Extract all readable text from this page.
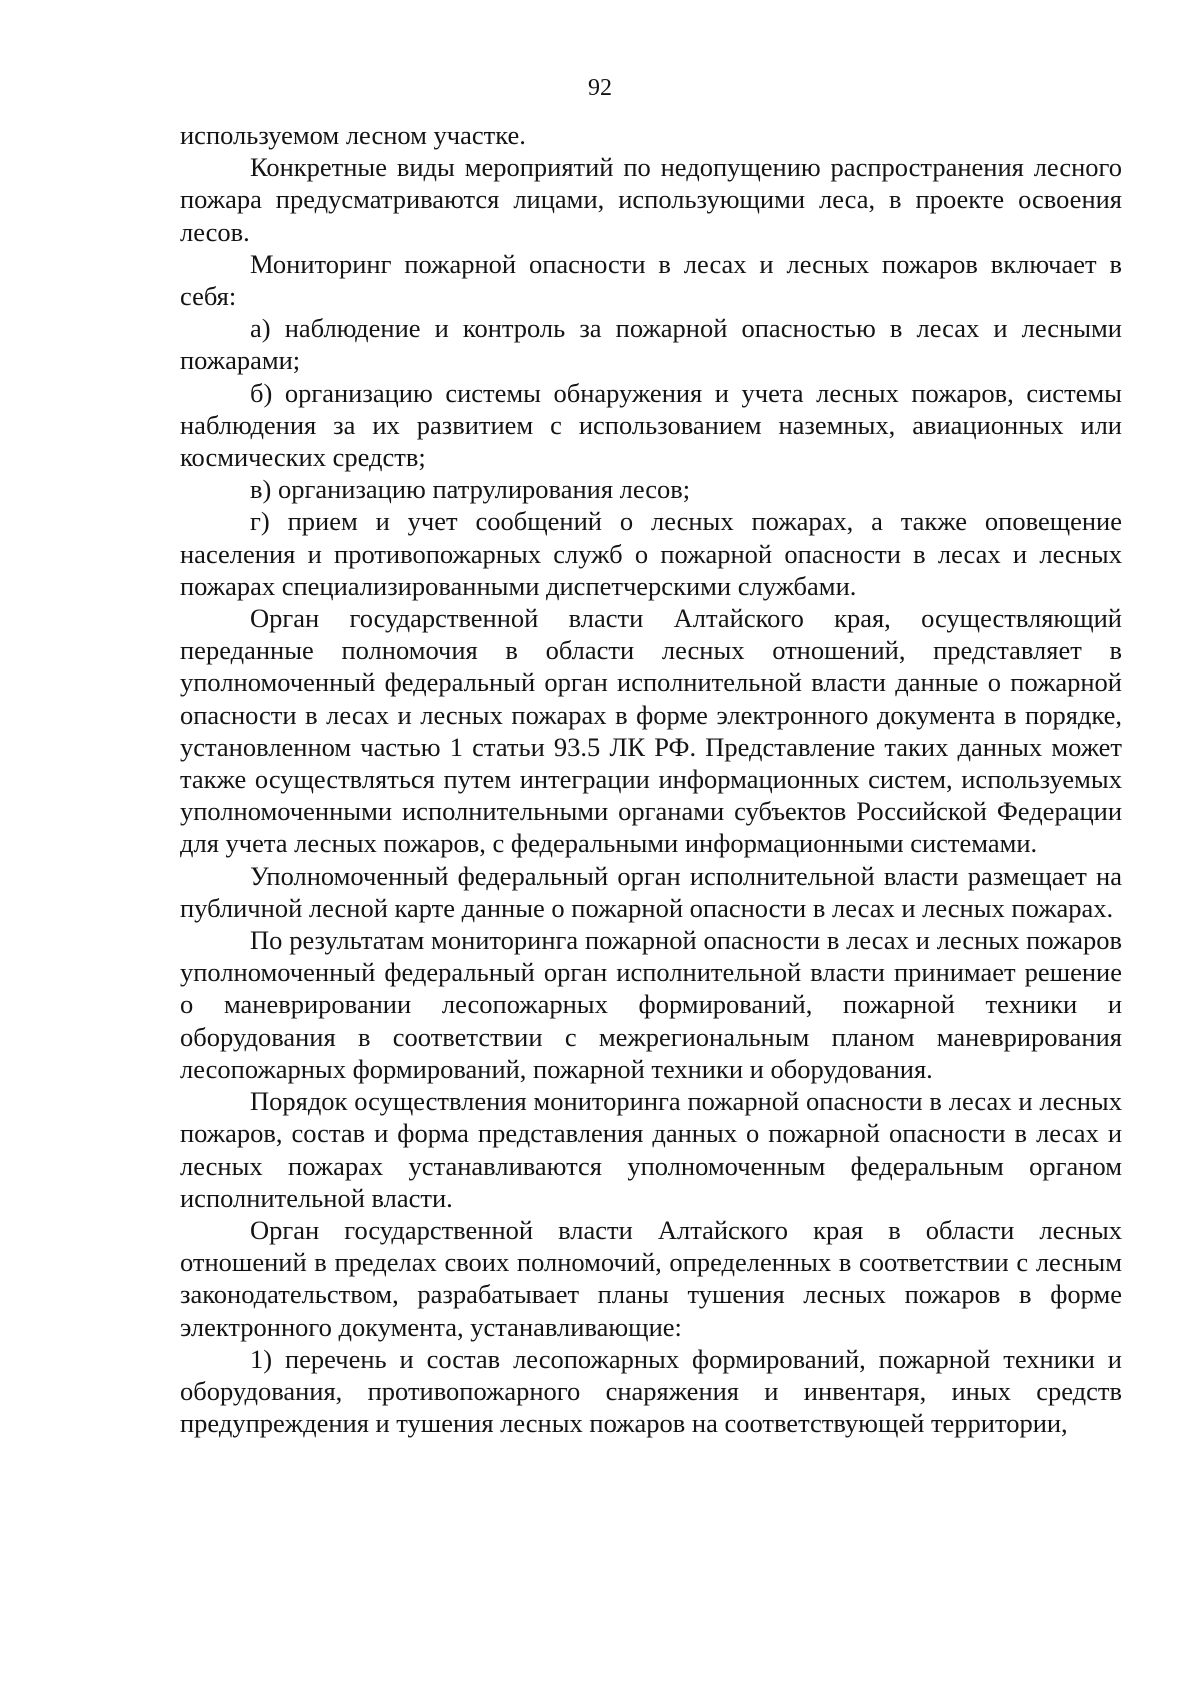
92

используемом лесном участке.

Конкретные виды мероприятий по недопущению распространения лесного пожара предусматриваются лицами, использующими леса, в проекте освоения лесов.

Мониторинг пожарной опасности в лесах и лесных пожаров включает в себя:

а) наблюдение и контроль за пожарной опасностью в лесах и лесными пожарами;

б) организацию системы обнаружения и учета лесных пожаров, системы наблюдения за их развитием с использованием наземных, авиационных или космических средств;

в) организацию патрулирования лесов;

г) прием и учет сообщений о лесных пожарах, а также оповещение населения и противопожарных служб о пожарной опасности в лесах и лесных пожарах специализированными диспетчерскими службами.

Орган государственной власти Алтайского края, осуществляющий переданные полномочия в области лесных отношений, представляет в уполномоченный федеральный орган исполнительной власти данные о пожарной опасности в лесах и лесных пожарах в форме электронного документа в порядке, установленном частью 1 статьи 93.5 ЛК РФ. Представление таких данных может также осуществляться путем интеграции информационных систем, используемых уполномоченными исполнительными органами субъектов Российской Федерации для учета лесных пожаров, с федеральными информационными системами.

Уполномоченный федеральный орган исполнительной власти размещает на публичной лесной карте данные о пожарной опасности в лесах и лесных пожарах.

По результатам мониторинга пожарной опасности в лесах и лесных пожаров уполномоченный федеральный орган исполнительной власти принимает решение о маневрировании лесопожарных формирований, пожарной техники и оборудования в соответствии с межрегиональным планом маневрирования лесопожарных формирований, пожарной техники и оборудования.

Порядок осуществления мониторинга пожарной опасности в лесах и лесных пожаров, состав и форма представления данных о пожарной опасности в лесах и лесных пожарах устанавливаются уполномоченным федеральным органом исполнительной власти.

Орган государственной власти Алтайского края в области лесных отношений в пределах своих полномочий, определенных в соответствии с лесным законодательством, разрабатывает планы тушения лесных пожаров в форме электронного документа, устанавливающие:

1) перечень и состав лесопожарных формирований, пожарной техники и оборудования, противопожарного снаряжения и инвентаря, иных средств предупреждения и тушения лесных пожаров на соответствующей территории,
